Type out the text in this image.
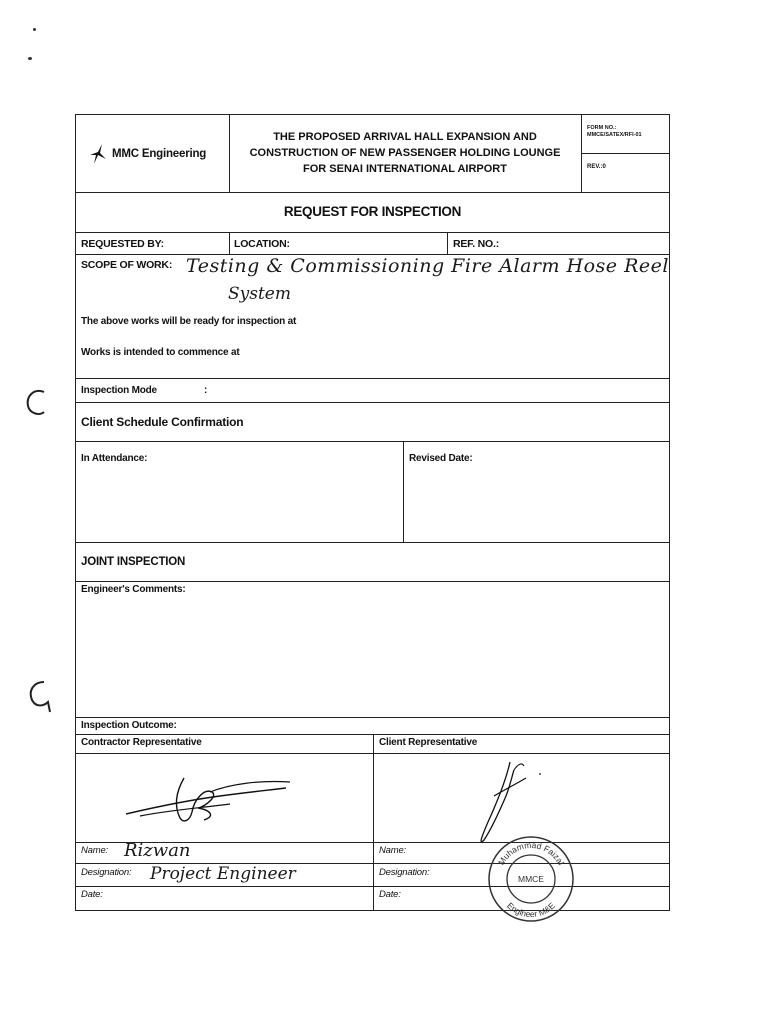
MMC Engineering
THE PROPOSED ARRIVAL HALL EXPANSION AND
CONSTRUCTION OF NEW PASSENGER HOLDING LOUNGE
FOR SENAI INTERNATIONAL AIRPORT
FORM NO.:
MMCE/SATEX/RFI-01
REV.:0
REQUEST FOR INSPECTION
REQUESTED BY:	LOCATION:	REF. NO.:
SCOPE OF WORK: Testing & Commissioning Fire Alarm Hose Reel
System
The above works will be ready for inspection at
Works is intended to commence at
Inspection Mode	:
Client Schedule Confirmation
In Attendance:	Revised Date:
JOINT INSPECTION
Engineer's Comments:
Inspection Outcome:
Contractor Representative	Client Representative
Name: Rizwan
Designation: Project Engineer
Date:
Name:
Designation:
Date:
Muhammad Faizal
Engineer M&E
MMCE
